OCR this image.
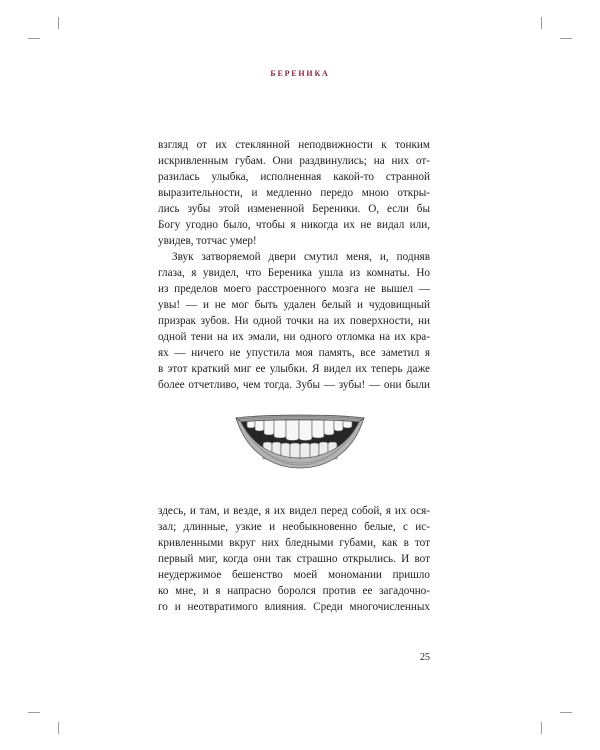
БЕРЕНИКА
взгляд от их стеклянной неподвижности к тонким
искривленным губам. Они раздвинулись; на них от-
разилась улыбка, исполненная какой-то странной
выразительности, и медленно передо мною откры-
лись зубы этой измененной Береники. О, если бы
Богу угодно было, чтобы я никогда их не видал или,
увидев, тотчас умер!
Звук затворяемой двери смутил меня, и, подняв
глаза, я увидел, что Береника ушла из комнаты. Но
из пределов моего расстроенного мозга не вышел —
увы! — и не мог быть удален белый и чудовищный
призрак зубов. Ни одной точки на их поверхности, ни
одной тени на их эмали, ни одного отломка на их кра-
ях — ничего не упустила моя память, все заметил я
в этот краткий миг ее улыбки. Я видел их теперь даже
более отчетливо, чем тогда. Зубы — зубы! — они были
здесь, и там, и везде, я их видел перед собой, я их ося-
зал; длинные, узкие и необыкновенно белые, с ис-
кривленными вкруг них бледными губами, как в тот
первый миг, когда они так страшно открылись. И вот
неудержимое бешенство моей мономании пришло
ко мне, и я напрасно боролся против ее загадочно-
го и неотвратимого влияния. Среди многочисленных
25
